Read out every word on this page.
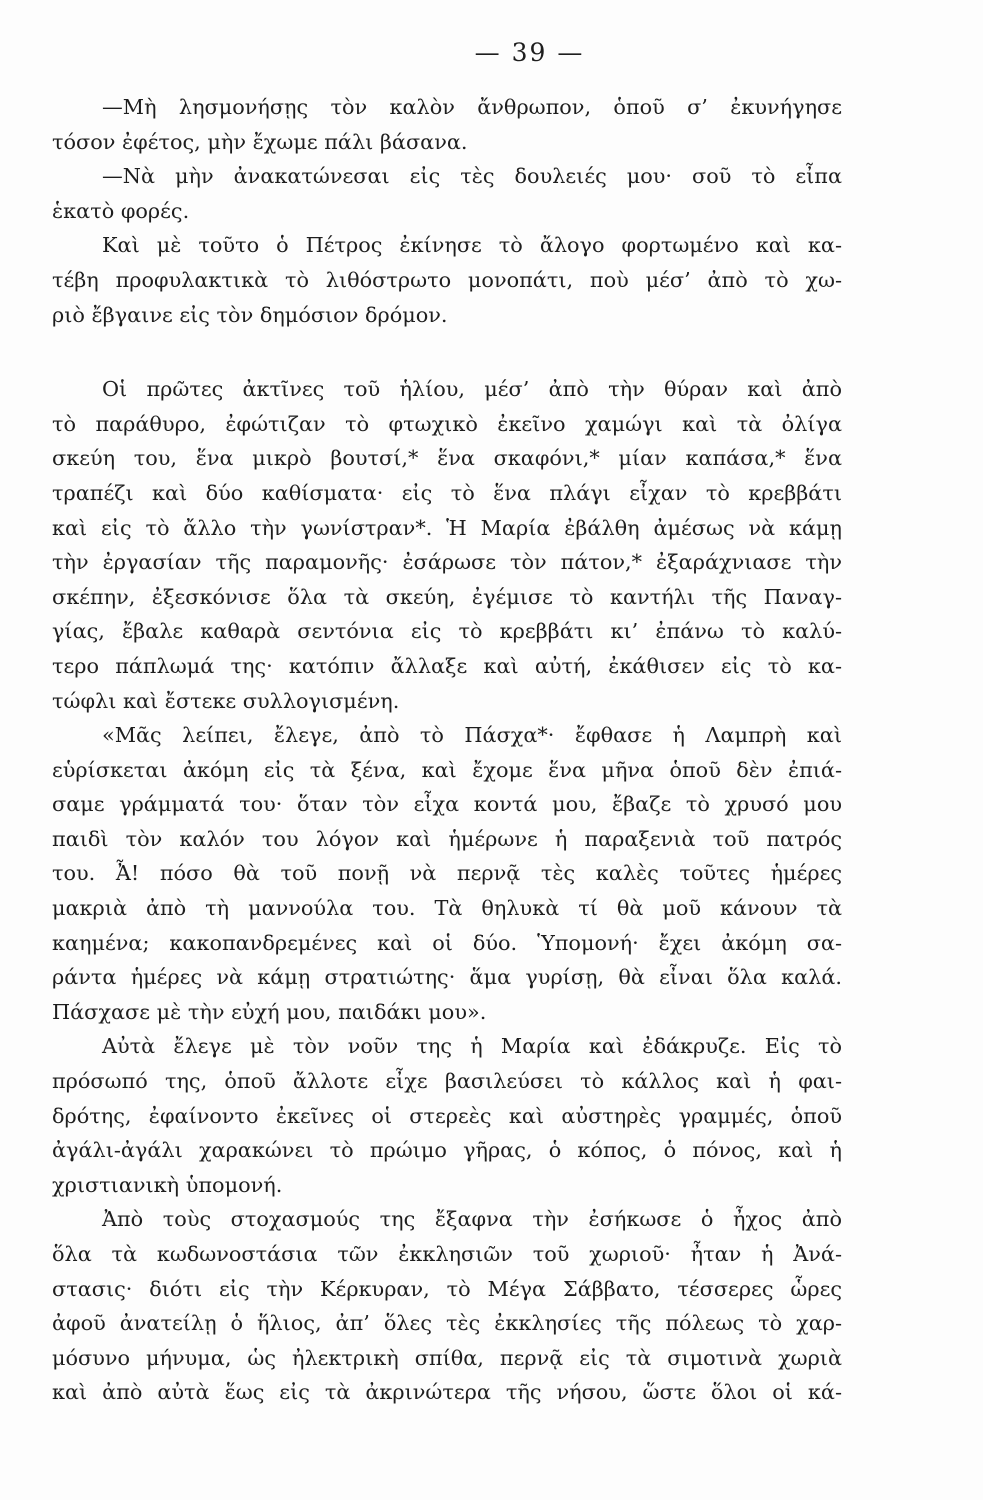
— 39 —
—Μὴ λησμονήσῃς τὸν καλὸν ἄνθρωπον, ὁποῦ σ’ ἐκυνήγησε
τόσον ἐφέτος, μὴν ἔχωμε πάλι βάσανα.
—Νὰ μὴν ἀνακατώνεσαι εἰς τὲς δουλειές μου· σοῦ τὸ εἶπα
ἑκατὸ φορές.
Καὶ μὲ τοῦτο ὁ Πέτρος ἐκίνησε τὸ ἄλογο φορτωμένο καὶ κα-
τέβη προφυλακτικὰ τὸ λιθόστρωτο μονοπάτι, ποὺ μέσ’ ἀπὸ τὸ χω-
ριὸ ἔβγαινε εἰς τὸν δημόσιον δρόμον.
Οἱ πρῶτες ἀκτῖνες τοῦ ἡλίου, μέσ’ ἀπὸ τὴν θύραν καὶ ἀπὸ
τὸ παράθυρο, ἐφώτιζαν τὸ φτωχικὸ ἐκεῖνο χαμώγι καὶ τὰ ὀλίγα
σκεύη του, ἕνα μικρὸ βουτσί,* ἕνα σκαφόνι,* μίαν καπάσα,* ἕνα
τραπέζι καὶ δύο καθίσματα· εἰς τὸ ἕνα πλάγι εἶχαν τὸ κρεββάτι
καὶ εἰς τὸ ἄλλο τὴν γωνίστραν*. Ἡ Μαρία ἐβάλθη ἀμέσως νὰ κάμῃ
τὴν ἐργασίαν τῆς παραμονῆς· ἐσάρωσε τὸν πάτον,* ἐξαράχνιασε τὴν
σκέπην, ἐξεσκόνισε ὅλα τὰ σκεύη, ἐγέμισε τὸ καντήλι τῆς Παναγ-
γίας, ἔβαλε καθαρὰ σεντόνια εἰς τὸ κρεββάτι κι’ ἐπάνω τὸ καλύ-
τερο πάπλωμά της· κατόπιν ἄλλαξε καὶ αὐτή, ἐκάθισεν εἰς τὸ κα-
τώφλι καὶ ἔστεκε συλλογισμένη.
«Μᾶς λείπει, ἔλεγε, ἀπὸ τὸ Πάσχα*· ἔφθασε ἡ Λαμπρὴ καὶ
εὑρίσκεται ἀκόμη εἰς τὰ ξένα, καὶ ἔχομε ἕνα μῆνα ὁποῦ δὲν ἐπιά-
σαμε γράμματά του· ὅταν τὸν εἶχα κοντά μου, ἔβαζε τὸ χρυσό μου
παιδὶ τὸν καλόν του λόγον καὶ ἡμέρωνε ἡ παραξενιὰ τοῦ πατρός
του. Ἆ! πόσο θὰ τοῦ πονῇ νὰ περνᾷ τὲς καλὲς τοῦτες ἡμέρες
μακριὰ ἀπὸ τὴ μαννούλα του. Τὰ θηλυκὰ τί θὰ μοῦ κάνουν τὰ
καημένα; κακοπανδρεμένες καὶ οἱ δύο. Ὑπομονή· ἔχει ἀκόμη σα-
ράντα ἡμέρες νὰ κάμῃ στρατιώτης· ἅμα γυρίσῃ, θὰ εἶναι ὅλα καλά.
Πάσχασε μὲ τὴν εὐχή μου, παιδάκι μου».
Αὐτὰ ἔλεγε μὲ τὸν νοῦν της ἡ Μαρία καὶ ἐδάκρυζε. Εἰς τὸ
πρόσωπό της, ὁποῦ ἄλλοτε εἶχε βασιλεύσει τὸ κάλλος καὶ ἡ φαι-
δρότης, ἐφαίνοντο ἐκεῖνες οἱ στερεὲς καὶ αὐστηρὲς γραμμές, ὁποῦ
ἀγάλι-ἀγάλι χαρακώνει τὸ πρώιμο γῆρας, ὁ κόπος, ὁ πόνος, καὶ ἡ
χριστιανικὴ ὑπομονή.
Ἀπὸ τοὺς στοχασμούς της ἔξαφνα τὴν ἐσήκωσε ὁ ἦχος ἀπὸ
ὅλα τὰ κωδωνοστάσια τῶν ἐκκλησιῶν τοῦ χωριοῦ· ἦταν ἡ Ἀνά-
στασις· διότι εἰς τὴν Κέρκυραν, τὸ Μέγα Σάββατο, τέσσερες ὧρες
ἀφοῦ ἀνατείλῃ ὁ ἥλιος, ἀπ’ ὅλες τὲς ἐκκλησίες τῆς πόλεως τὸ χαρ-
μόσυνο μήνυμα, ὡς ἠλεκτρικὴ σπίθα, περνᾷ εἰς τὰ σιμοτινὰ χωριὰ
καὶ ἀπὸ αὐτὰ ἕως εἰς τὰ ἀκρινώτερα τῆς νήσου, ὥστε ὅλοι οἱ κά-
